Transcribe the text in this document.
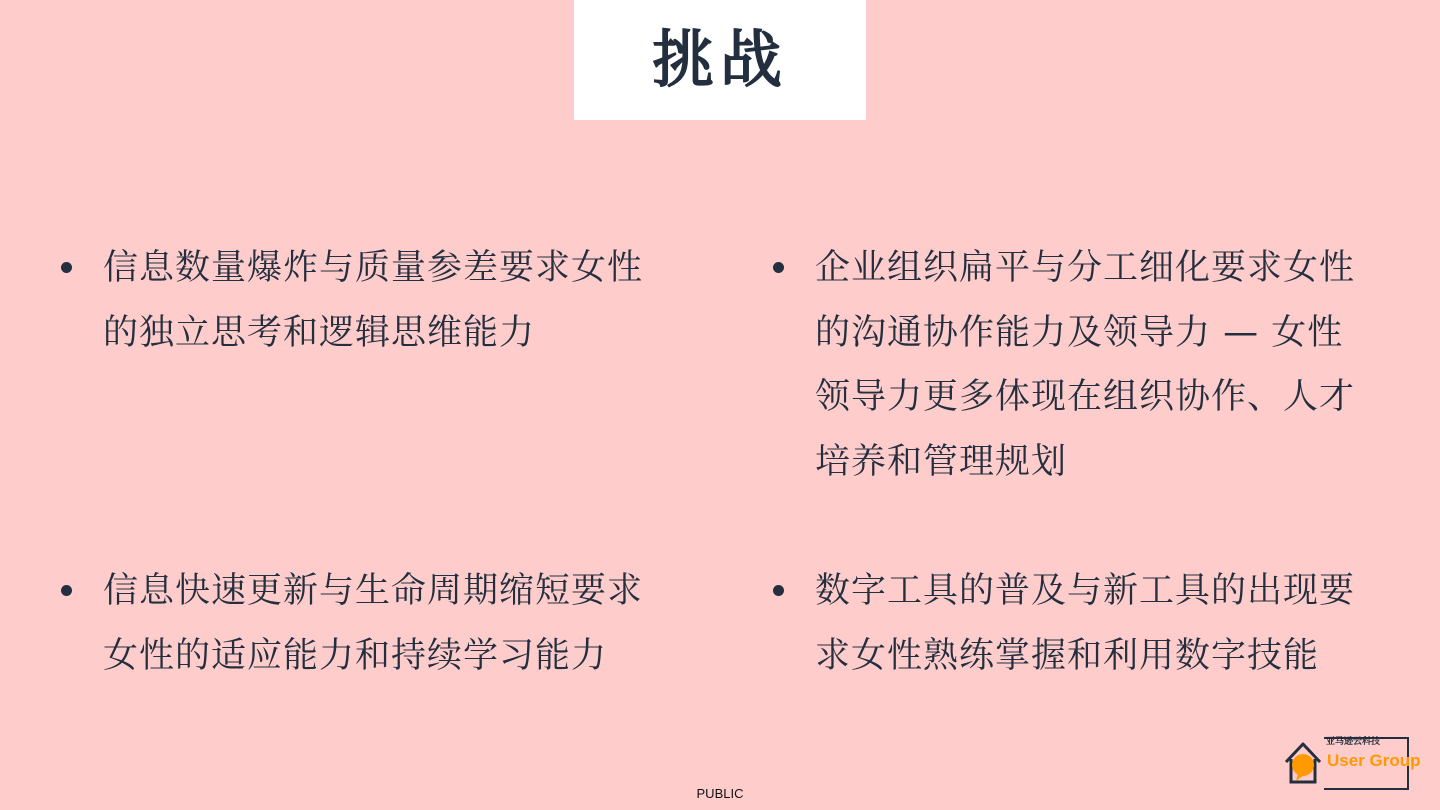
挑战
信息数量爆炸与质量参差要求女性的独立思考和逻辑思维能力
企业组织扁平与分工细化要求女性的沟通协作能力及领导力 — 女性领导力更多体现在组织协作、人才培养和管理规划
信息快速更新与生命周期缩短要求女性的适应能力和持续学习能力
数字工具的普及与新工具的出现要求女性熟练掌握和利用数字技能
亚马逊云科技
User Group
PUBLIC
